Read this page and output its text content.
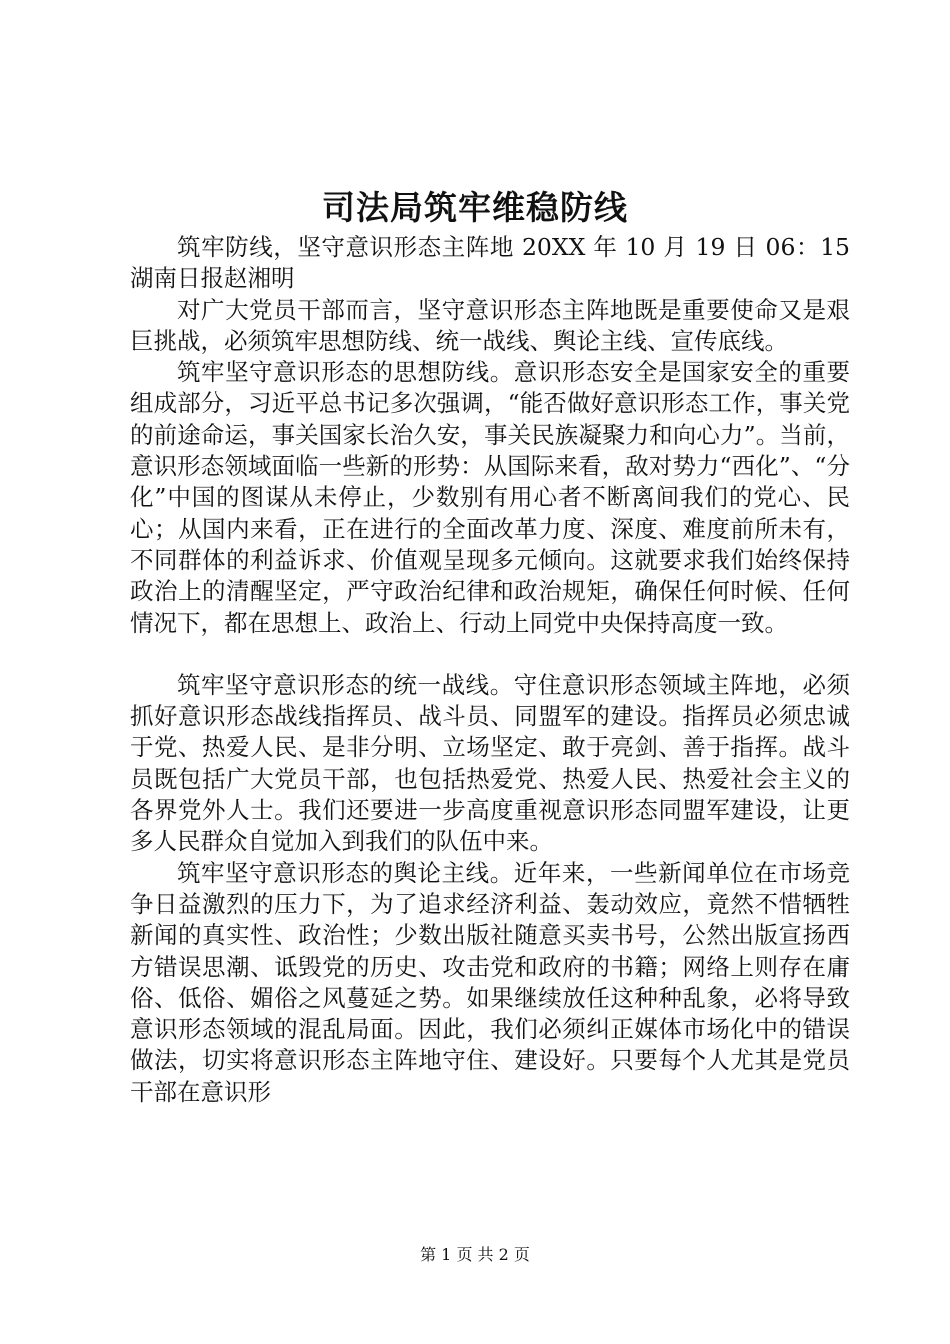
司法局筑牢维稳防线

筑牢防线，坚守意识形态主阵地 20XX 年 10 月 19 日 06：15 湖南日报赵湘明

对广大党员干部而言，坚守意识形态主阵地既是重要使命又是艰巨挑战，必须筑牢思想防线、统一战线、舆论主线、宣传底线。

筑牢坚守意识形态的思想防线。意识形态安全是国家安全的重要组成部分，习近平总书记多次强调，“能否做好意识形态工作，事关党的前途命运，事关国家长治久安，事关民族凝聚力和向心力”。当前，意识形态领域面临一些新的形势：从国际来看，敌对势力“西化”、“分化”中国的图谋从未停止，少数别有用心者不断离间我们的党心、民心；从国内来看，正在进行的全面改革力度、深度、难度前所未有，不同群体的利益诉求、价值观呈现多元倾向。这就要求我们始终保持政治上的清醒坚定，严守政治纪律和政治规矩，确保任何时候、任何情况下，都在思想上、政治上、行动上同党中央保持高度一致。

筑牢坚守意识形态的统一战线。守住意识形态领域主阵地，必须抓好意识形态战线指挥员、战斗员、同盟军的建设。指挥员必须忠诚于党、热爱人民、是非分明、立场坚定、敢于亮剑、善于指挥。战斗员既包括广大党员干部，也包括热爱党、热爱人民、热爱社会主义的各界党外人士。我们还要进一步高度重视意识形态同盟军建设，让更多人民群众自觉加入到我们的队伍中来。

筑牢坚守意识形态的舆论主线。近年来，一些新闻单位在市场竞争日益激烈的压力下，为了追求经济利益、轰动效应，竟然不惜牺牲新闻的真实性、政治性；少数出版社随意买卖书号，公然出版宣扬西方错误思潮、诋毁党的历史、攻击党和政府的书籍；网络上则存在庸俗、低俗、媚俗之风蔓延之势。如果继续放任这种种乱象，必将导致意识形态领域的混乱局面。因此，我们必须纠正媒体市场化中的错误做法，切实将意识形态主阵地守住、建设好。只要每个人尤其是党员干部在意识形

第 1 页 共 2 页
